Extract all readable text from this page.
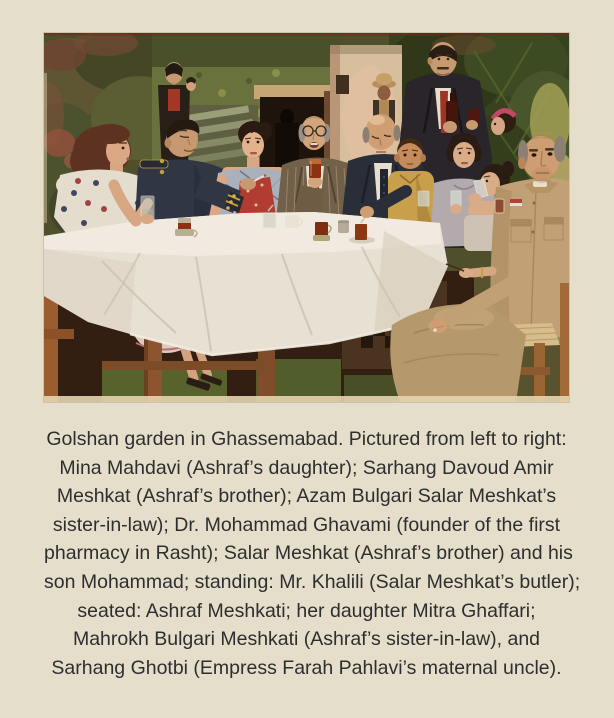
Golshan garden in Ghassemabad. Pictured from left to right:
Mina Mahdavi (Ashraf’s daughter); Sarhang Davoud Amir
Meshkat (Ashraf’s brother); Azam Bulgari Salar Meshkat’s
sister-in-law); Dr. Mohammad Ghavami (founder of the first
pharmacy in Rasht); Salar Meshkat (Ashraf’s brother) and his
son Mohammad; standing: Mr. Khalili (Salar Meshkat’s butler);
seated: Ashraf Meshkati; her daughter Mitra Ghaffari;
Mahrokh Bulgari Meshkati (Ashraf’s sister-in-law), and
Sarhang Ghotbi (Empress Farah Pahlavi’s maternal uncle).
